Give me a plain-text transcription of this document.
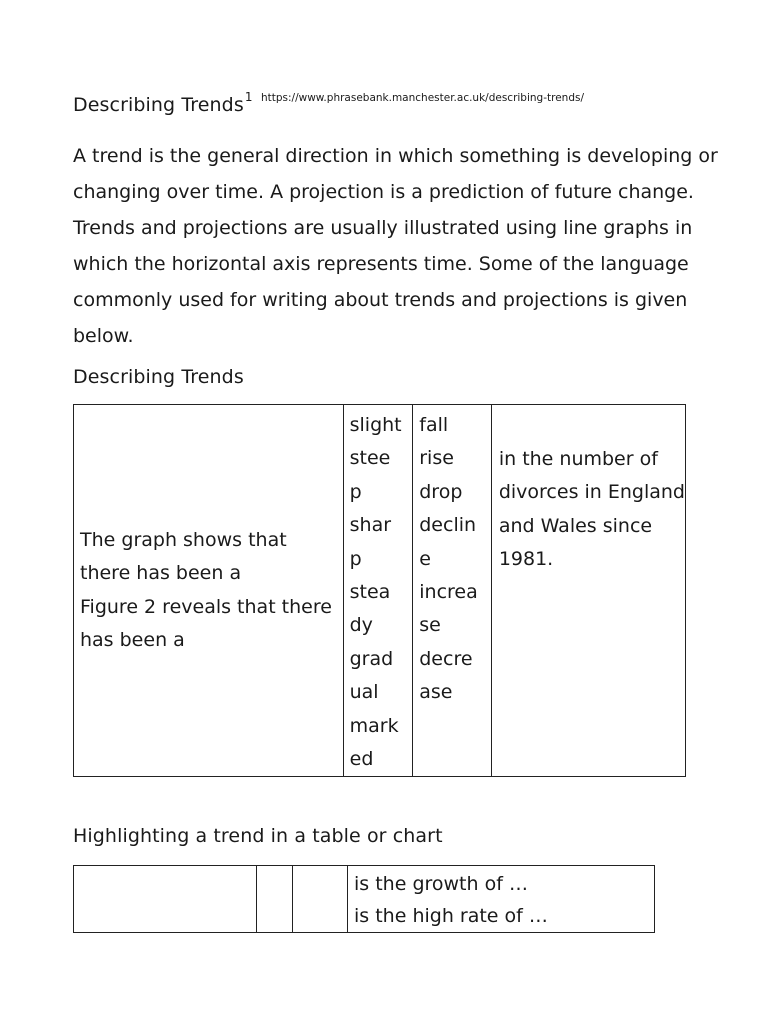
Describing Trends$^1$ https://www.phrasebank.manchester.ac.uk/describing-trends/

A trend is the general direction in which something is developing or
changing over time. A projection is a prediction of future change.
Trends and projections are usually illustrated using line graphs in
which the horizontal axis represents time. Some of the language
commonly used for writing about trends and projections is given
below.

Describing Trends
The graph shows that
there has been a
Figure 2 reveals that there
has been a

slight
stee
p
shar
p
stea
dy
grad
ual
mark
ed

fall
rise
drop
declin
e
increa
se
decre
ase

in the number of
divorces in England
and Wales since
1981.
Highlighting a trend in a table or chart

is the growth of …
is the high rate of …
